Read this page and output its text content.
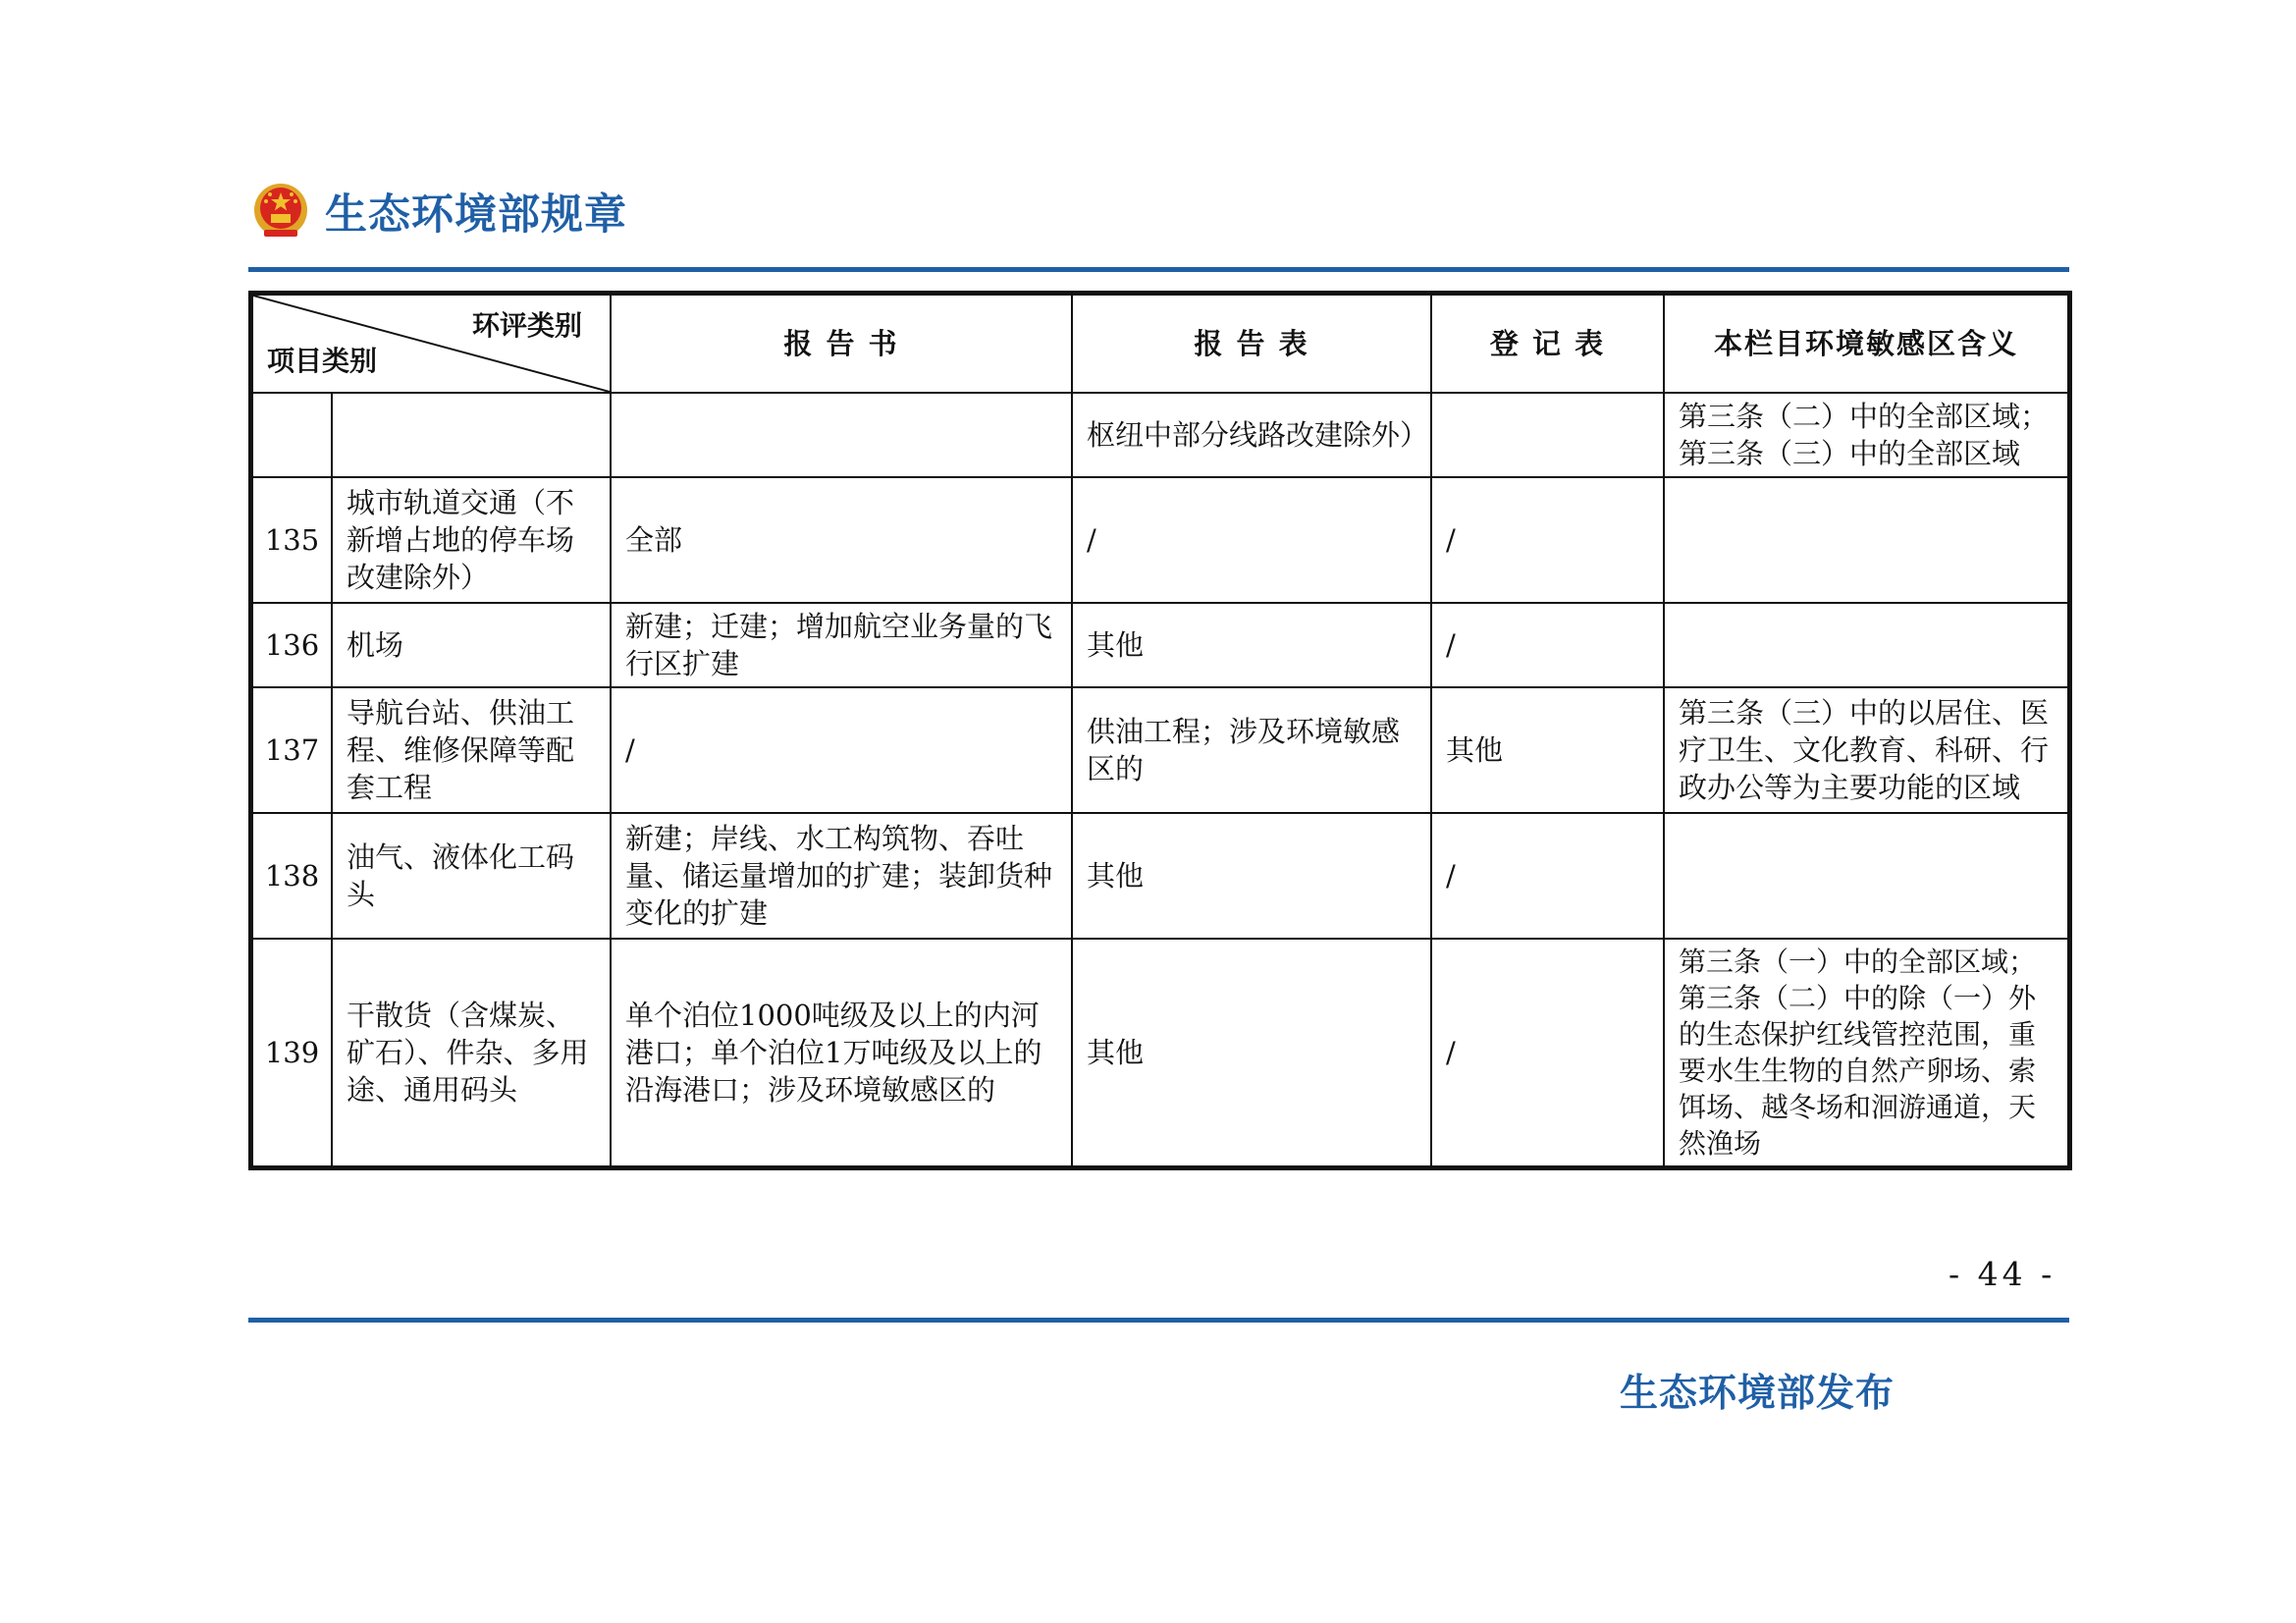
生态环境部规章
环评类别
项目类别		报 告 书	报 告 表	登 记 表	本栏目环境敏感区含义
			枢纽中部分线路改建除外）		第三条（二）中的全部区域；第三条（三）中的全部区域
135	城市轨道交通（不新增占地的停车场改建除外）	全部	/	/	
136	机场	新建；迁建；增加航空业务量的飞行区扩建	其他	/	
137	导航台站、供油工程、维修保障等配套工程	/	供油工程；涉及环境敏感区的	其他	第三条（三）中的以居住、医疗卫生、文化教育、科研、行政办公等为主要功能的区域
138	油气、液体化工码头	新建；岸线、水工构筑物、吞吐量、储运量增加的扩建；装卸货种变化的扩建	其他	/	
139	干散货（含煤炭、矿石）、件杂、多用途、通用码头	单个泊位1000吨级及以上的内河港口；单个泊位1万吨级及以上的沿海港口；涉及环境敏感区的	其他	/	第三条（一）中的全部区域；第三条（二）中的除（一）外的生态保护红线管控范围，重要水生生物的自然产卵场、索饵场、越冬场和洄游通道，天然渔场
- 44 -
生态环境部发布
